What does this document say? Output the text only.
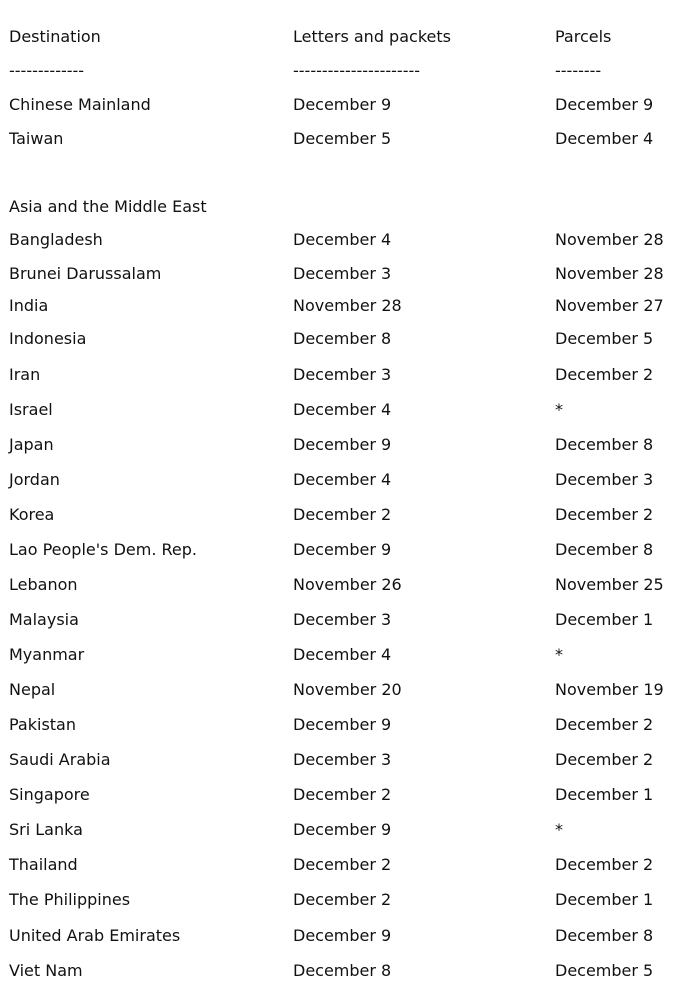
Destination	Letters and packets	Parcels
-------------	----------------------	--------
Chinese Mainland	December 9	December 9
Taiwan	December 5	December 4
Asia and the Middle East
Bangladesh	December 4	November 28
Brunei Darussalam	December 3	November 28
India	November 28	November 27
Indonesia	December 8	December 5
Iran	December 3	December 2
Israel	December 4	*
Japan	December 9	December 8
Jordan	December 4	December 3
Korea	December 2	December 2
Lao People's Dem. Rep.	December 9	December 8
Lebanon	November 26	November 25
Malaysia	December 3	December 1
Myanmar	December 4	*
Nepal	November 20	November 19
Pakistan	December 9	December 2
Saudi Arabia	December 3	December 2
Singapore	December 2	December 1
Sri Lanka	December 9	*
Thailand	December 2	December 2
The Philippines	December 2	December 1
United Arab Emirates	December 9	December 8
Viet Nam	December 8	December 5
